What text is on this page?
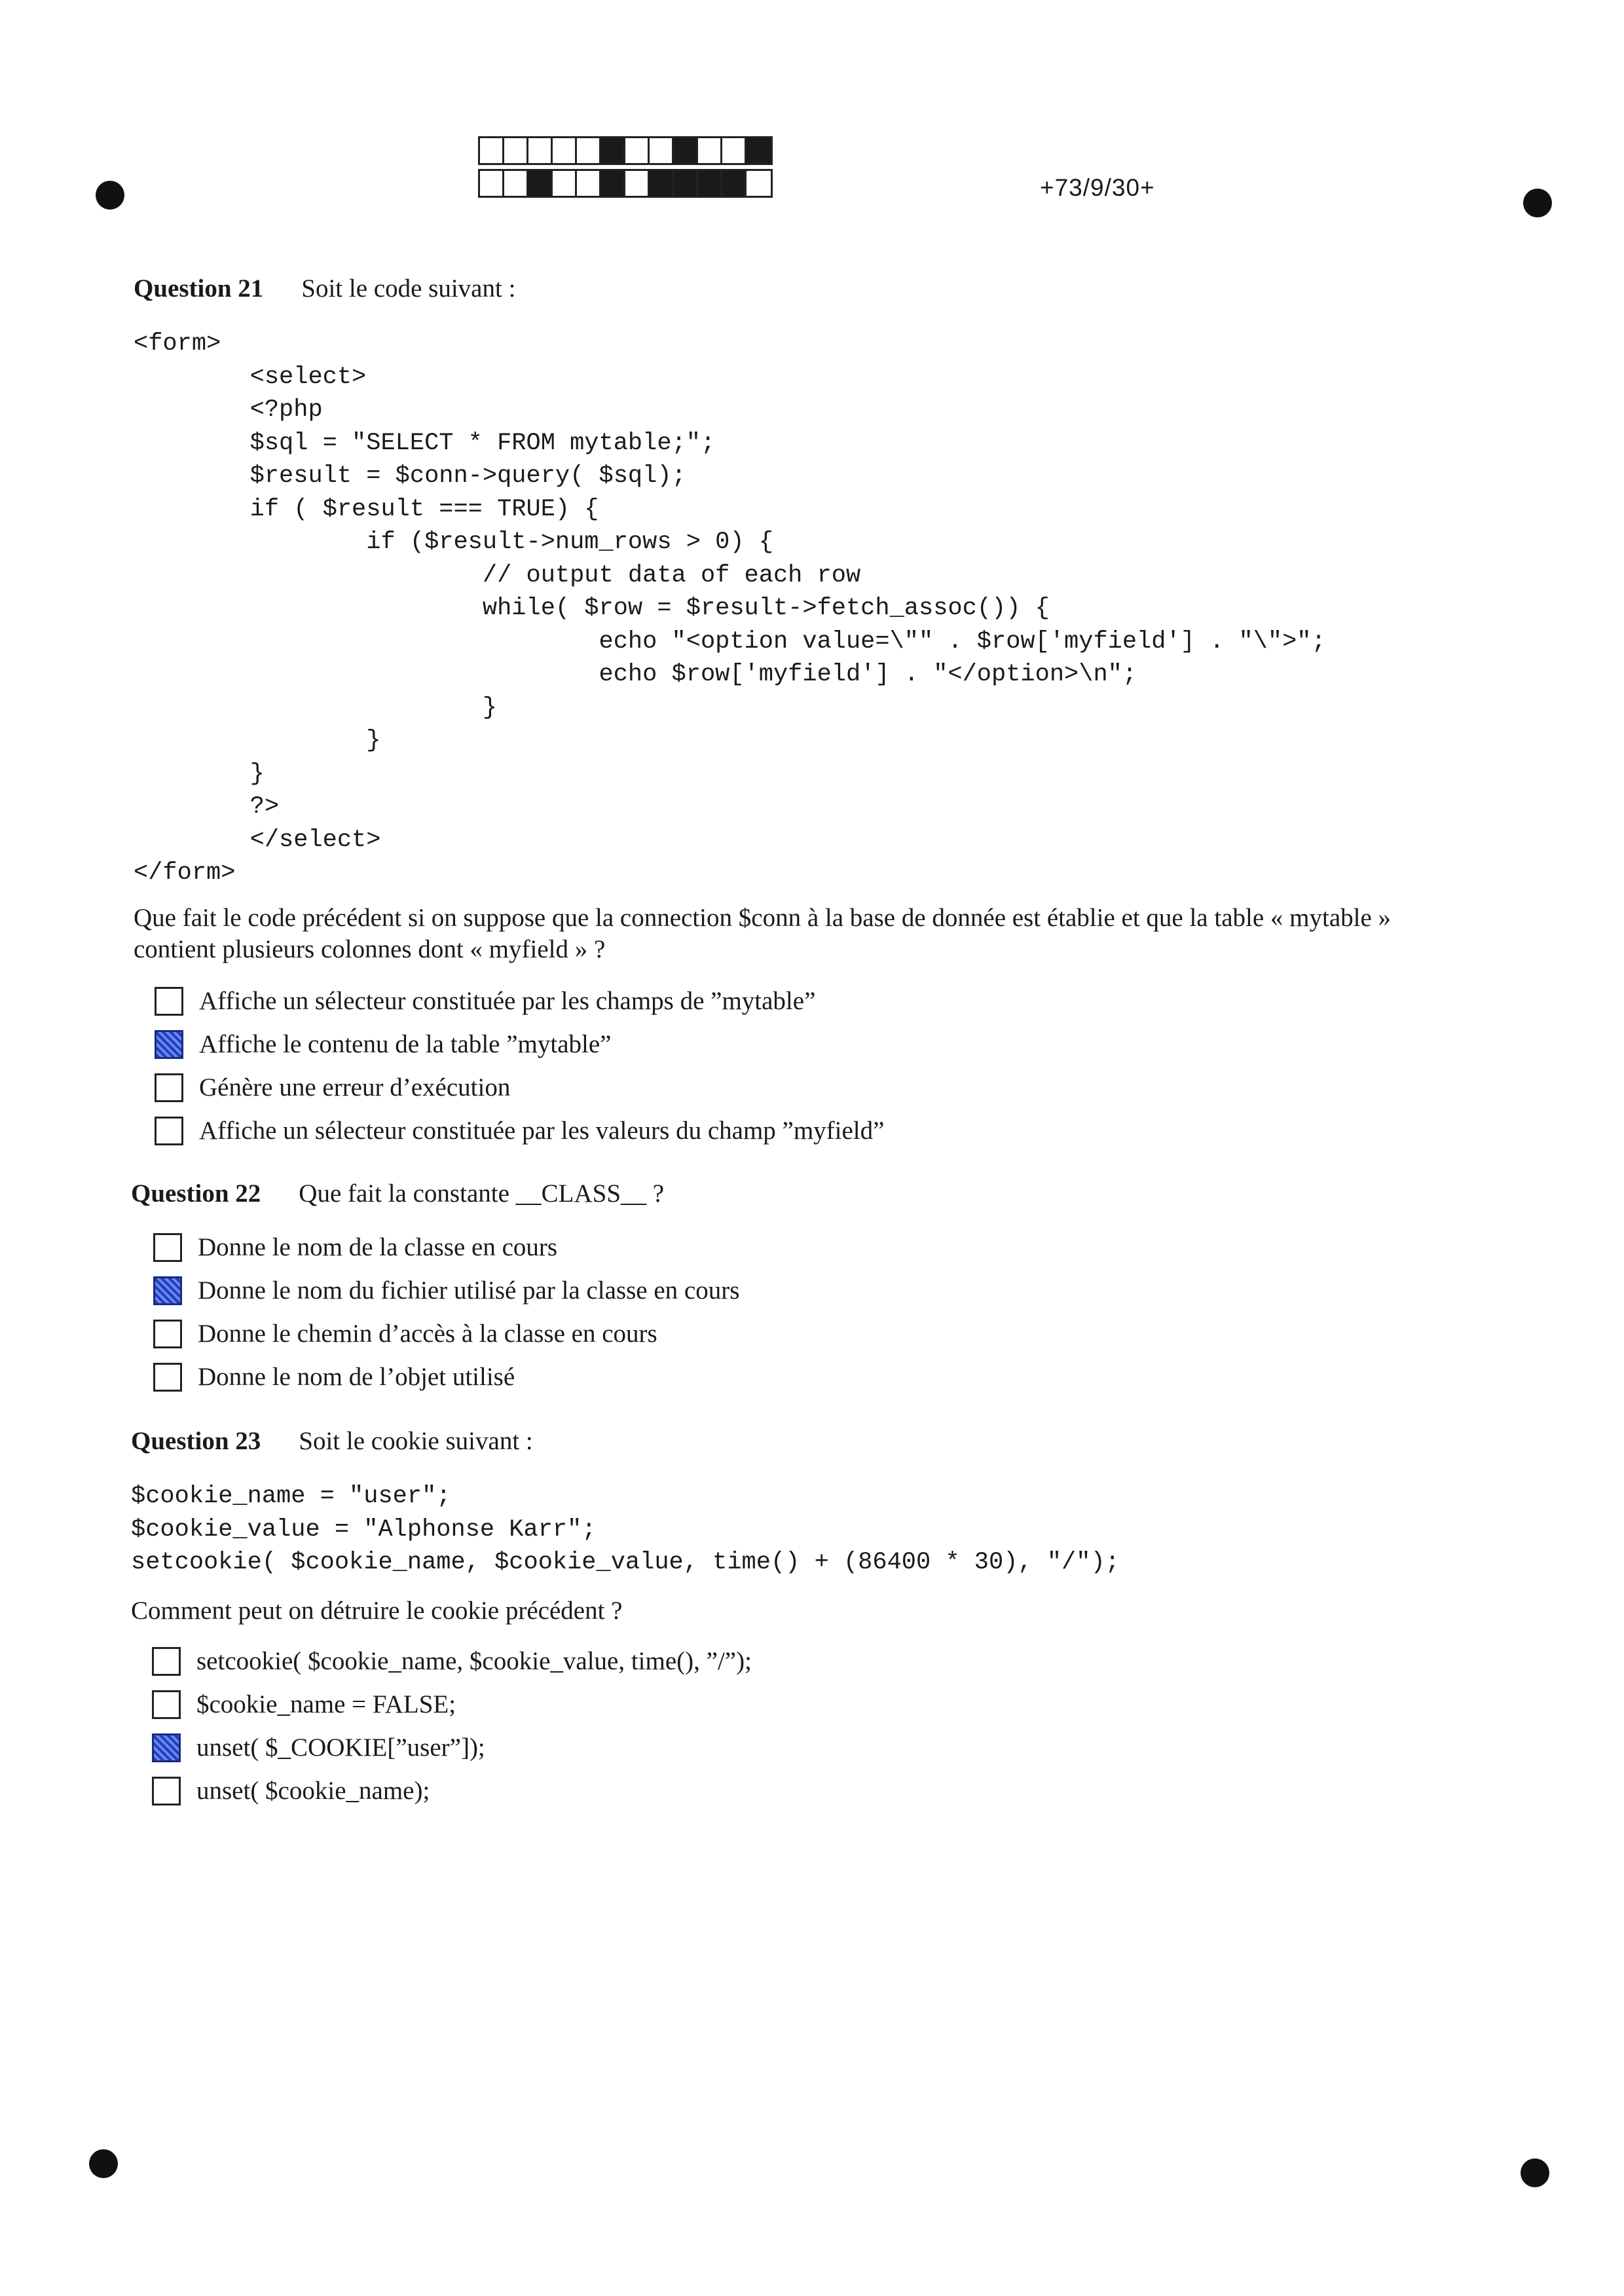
+73/9/30+
Question 21 Soit le code suivant :
<form>
<select>
<?php
$sql = "SELECT * FROM mytable;";
$result = $conn->query( $sql);
if ( $result === TRUE) {
if ($result->num_rows > 0) {
// output data of each row
while( $row = $result->fetch_assoc()) {
echo "<option value=\"" . $row['myfield'] . "\">";
echo $row['myfield'] . "</option>\n";
}
}
}
?>
</select>
</form>
Que fait le code précédent si on suppose que la connection $conn à la base de donnée est établie et que la table « mytable »
contient plusieurs colonnes dont « myfield » ?
Affiche un sélecteur constituée par les champs de ”mytable”
Affiche le contenu de la table ”mytable”
Génère une erreur d’exécution
Affiche un sélecteur constituée par les valeurs du champ ”myfield”
Question 22 Que fait la constante __CLASS__ ?
Donne le nom de la classe en cours
Donne le nom du fichier utilisé par la classe en cours
Donne le chemin d’accès à la classe en cours
Donne le nom de l’objet utilisé
Question 23 Soit le cookie suivant :
$cookie_name = "user";
$cookie_value = "Alphonse Karr";
setcookie( $cookie_name, $cookie_value, time() + (86400 * 30), "/");
Comment peut on détruire le cookie précédent ?
setcookie( $cookie_name, $cookie_value, time(), ”/”);
$cookie_name = FALSE;
unset( $_COOKIE[”user”]);
unset( $cookie_name);
